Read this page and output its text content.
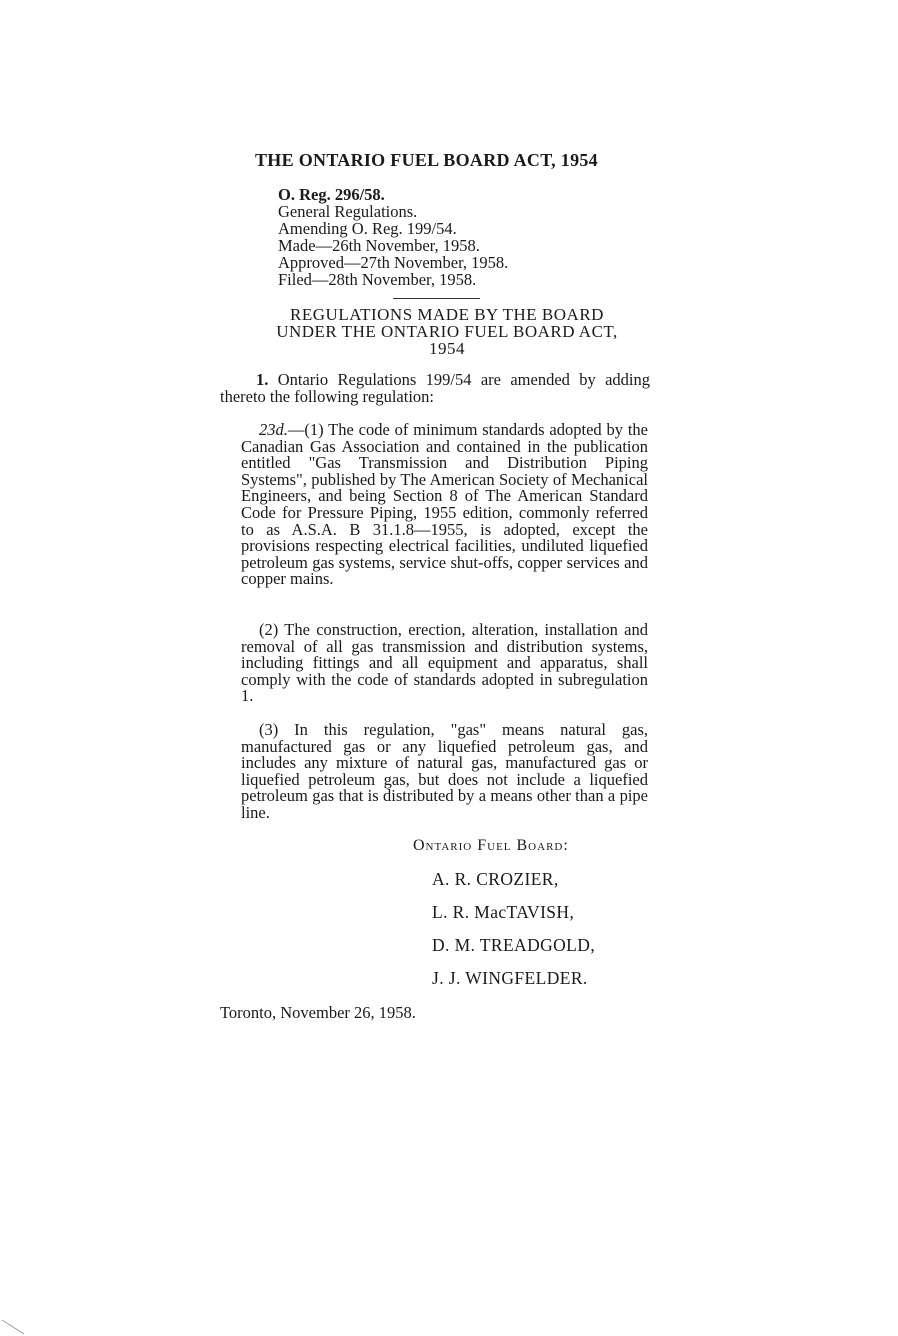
THE ONTARIO FUEL BOARD ACT, 1954
O. Reg. 296/58.
General Regulations.
Amending O. Reg. 199/54.
Made—26th November, 1958.
Approved—27th November, 1958.
Filed—28th November, 1958.
REGULATIONS MADE BY THE BOARD
UNDER THE ONTARIO FUEL BOARD ACT,
1954
1. Ontario Regulations 199/54 are amended by adding thereto the following regulation:
23d.—(1) The code of minimum standards adopted by the Canadian Gas Association and contained in the publication entitled "Gas Transmission and Distribution Piping Systems", published by The American Society of Mechanical Engineers, and being Section 8 of The American Standard Code for Pressure Piping, 1955 edition, commonly referred to as A.S.A. B 31.1.8—1955, is adopted, except the provisions respecting electrical facilities, undiluted liquefied petroleum gas systems, service shut-offs, copper services and copper mains.
(2) The construction, erection, alteration, installation and removal of all gas transmission and distribution systems, including fittings and all equipment and apparatus, shall comply with the code of standards adopted in subregulation 1.
(3) In this regulation, "gas" means natural gas, manufactured gas or any liquefied petroleum gas, and includes any mixture of natural gas, manufactured gas or liquefied petroleum gas, but does not include a liquefied petroleum gas that is distributed by a means other than a pipe line.
Ontario Fuel Board:
A. R. CROZIER,
L. R. MacTAVISH,
D. M. TREADGOLD,
J. J. WINGFELDER.
Toronto, November 26, 1958.
